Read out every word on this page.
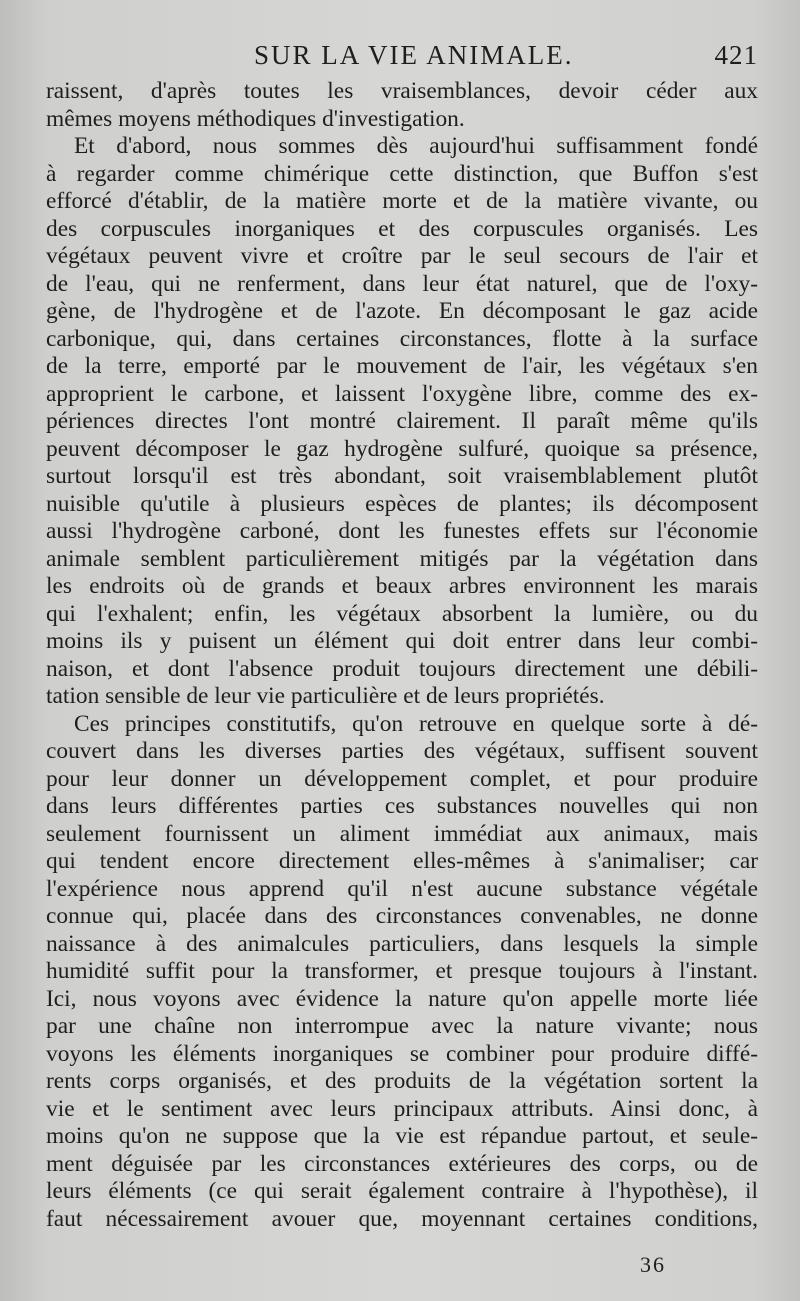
SUR LA VIE ANIMALE.	421
raissent, d'après toutes les vraisemblances, devoir céder aux
mêmes moyens méthodiques d'investigation.
Et d'abord, nous sommes dès aujourd'hui suffisamment fondé
à regarder comme chimérique cette distinction, que Buffon s'est
efforcé d'établir, de la matière morte et de la matière vivante, ou
des corpuscules inorganiques et des corpuscules organisés. Les
végétaux peuvent vivre et croître par le seul secours de l'air et
de l'eau, qui ne renferment, dans leur état naturel, que de l'oxy-
gène, de l'hydrogène et de l'azote. En décomposant le gaz acide
carbonique, qui, dans certaines circonstances, flotte à la surface
de la terre, emporté par le mouvement de l'air, les végétaux s'en
approprient le carbone, et laissent l'oxygène libre, comme des ex-
périences directes l'ont montré clairement. Il paraît même qu'ils
peuvent décomposer le gaz hydrogène sulfuré, quoique sa présence,
surtout lorsqu'il est très abondant, soit vraisemblablement plutôt
nuisible qu'utile à plusieurs espèces de plantes; ils décomposent
aussi l'hydrogène carboné, dont les funestes effets sur l'économie
animale semblent particulièrement mitigés par la végétation dans
les endroits où de grands et beaux arbres environnent les marais
qui l'exhalent; enfin, les végétaux absorbent la lumière, ou du
moins ils y puisent un élément qui doit entrer dans leur combi-
naison, et dont l'absence produit toujours directement une débili-
tation sensible de leur vie particulière et de leurs propriétés.
Ces principes constitutifs, qu'on retrouve en quelque sorte à dé-
couvert dans les diverses parties des végétaux, suffisent souvent
pour leur donner un développement complet, et pour produire
dans leurs différentes parties ces substances nouvelles qui non
seulement fournissent un aliment immédiat aux animaux, mais
qui tendent encore directement elles-mêmes à s'animaliser; car
l'expérience nous apprend qu'il n'est aucune substance végétale
connue qui, placée dans des circonstances convenables, ne donne
naissance à des animalcules particuliers, dans lesquels la simple
humidité suffit pour la transformer, et presque toujours à l'instant.
Ici, nous voyons avec évidence la nature qu'on appelle morte liée
par une chaîne non interrompue avec la nature vivante; nous
voyons les éléments inorganiques se combiner pour produire diffé-
rents corps organisés, et des produits de la végétation sortent la
vie et le sentiment avec leurs principaux attributs. Ainsi donc, à
moins qu'on ne suppose que la vie est répandue partout, et seule-
ment déguisée par les circonstances extérieures des corps, ou de
leurs éléments (ce qui serait également contraire à l'hypothèse), il
faut nécessairement avouer que, moyennant certaines conditions,
36
